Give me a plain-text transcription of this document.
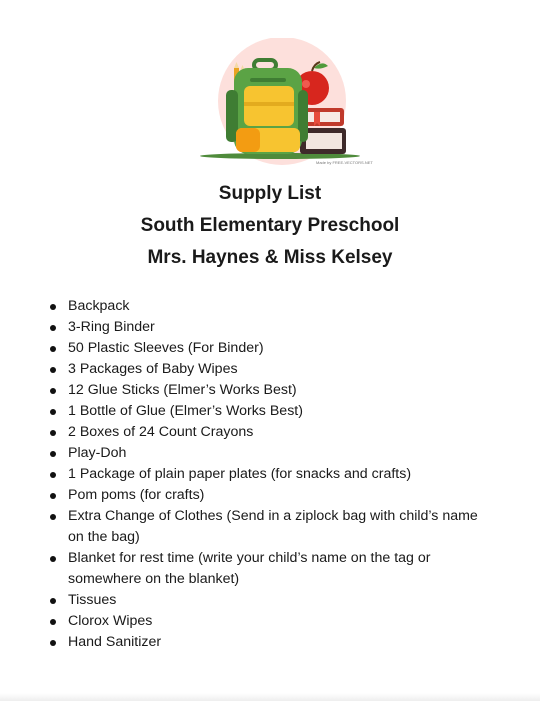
Made by FREE-VECTORS.NET
Supply List
South Elementary Preschool
Mrs. Haynes & Miss Kelsey
Backpack
3-Ring Binder
50 Plastic Sleeves (For Binder)
3 Packages of Baby Wipes
12 Glue Sticks (Elmer’s Works Best)
1 Bottle of Glue (Elmer’s Works Best)
2 Boxes of 24 Count Crayons
Play-Doh
1 Package of plain paper plates (for snacks and crafts)
Pom poms (for crafts)
Extra Change of Clothes (Send in a ziplock bag with child’s name on the bag)
Blanket for rest time (write your child’s name on the tag or somewhere on the blanket)
Tissues
Clorox Wipes
Hand Sanitizer
